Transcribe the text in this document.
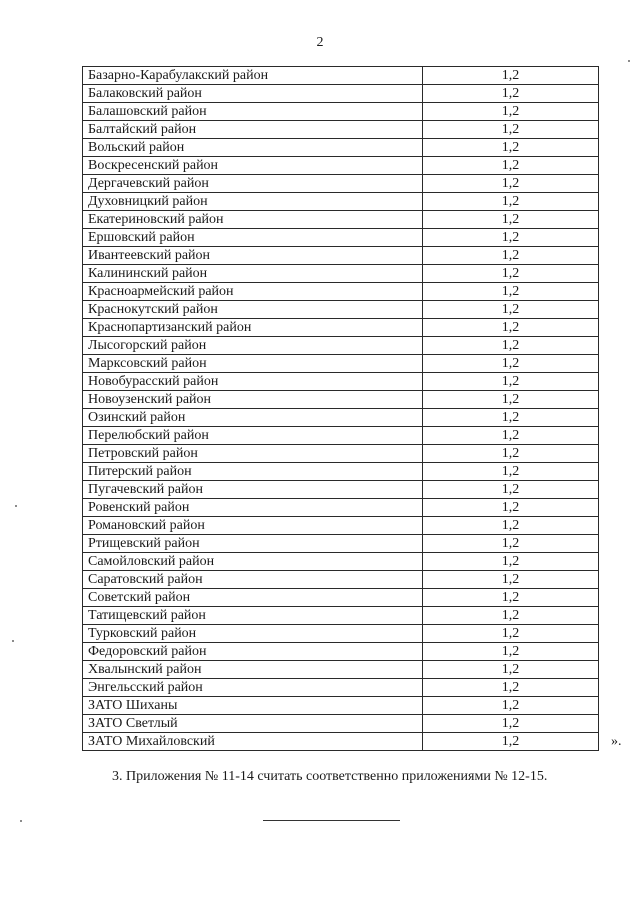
2
Базарно-Карабулакский район	1,2
Балаковский район	1,2
Балашовский район	1,2
Балтайский район	1,2
Вольский район	1,2
Воскресенский район	1,2
Дергачевский район	1,2
Духовницкий район	1,2
Екатериновский район	1,2
Ершовский район	1,2
Ивантеевский район	1,2
Калининский район	1,2
Красноармейский район	1,2
Краснокутский район	1,2
Краснопартизанский район	1,2
Лысогорский район	1,2
Марксовский район	1,2
Новобурасский район	1,2
Новоузенский район	1,2
Озинский район	1,2
Перелюбский район	1,2
Петровский район	1,2
Питерский район	1,2
Пугачевский район	1,2
Ровенский район	1,2
Романовский район	1,2
Ртищевский район	1,2
Самойловский район	1,2
Саратовский район	1,2
Советский район	1,2
Татищевский район	1,2
Турковский район	1,2
Федоровский район	1,2
Хвалынский район	1,2
Энгельсский район	1,2
ЗАТО Шиханы	1,2
ЗАТО Светлый	1,2
ЗАТО Михайловский	1,2	».
3. Приложения № 11-14 считать соответственно приложениями № 12-15.
